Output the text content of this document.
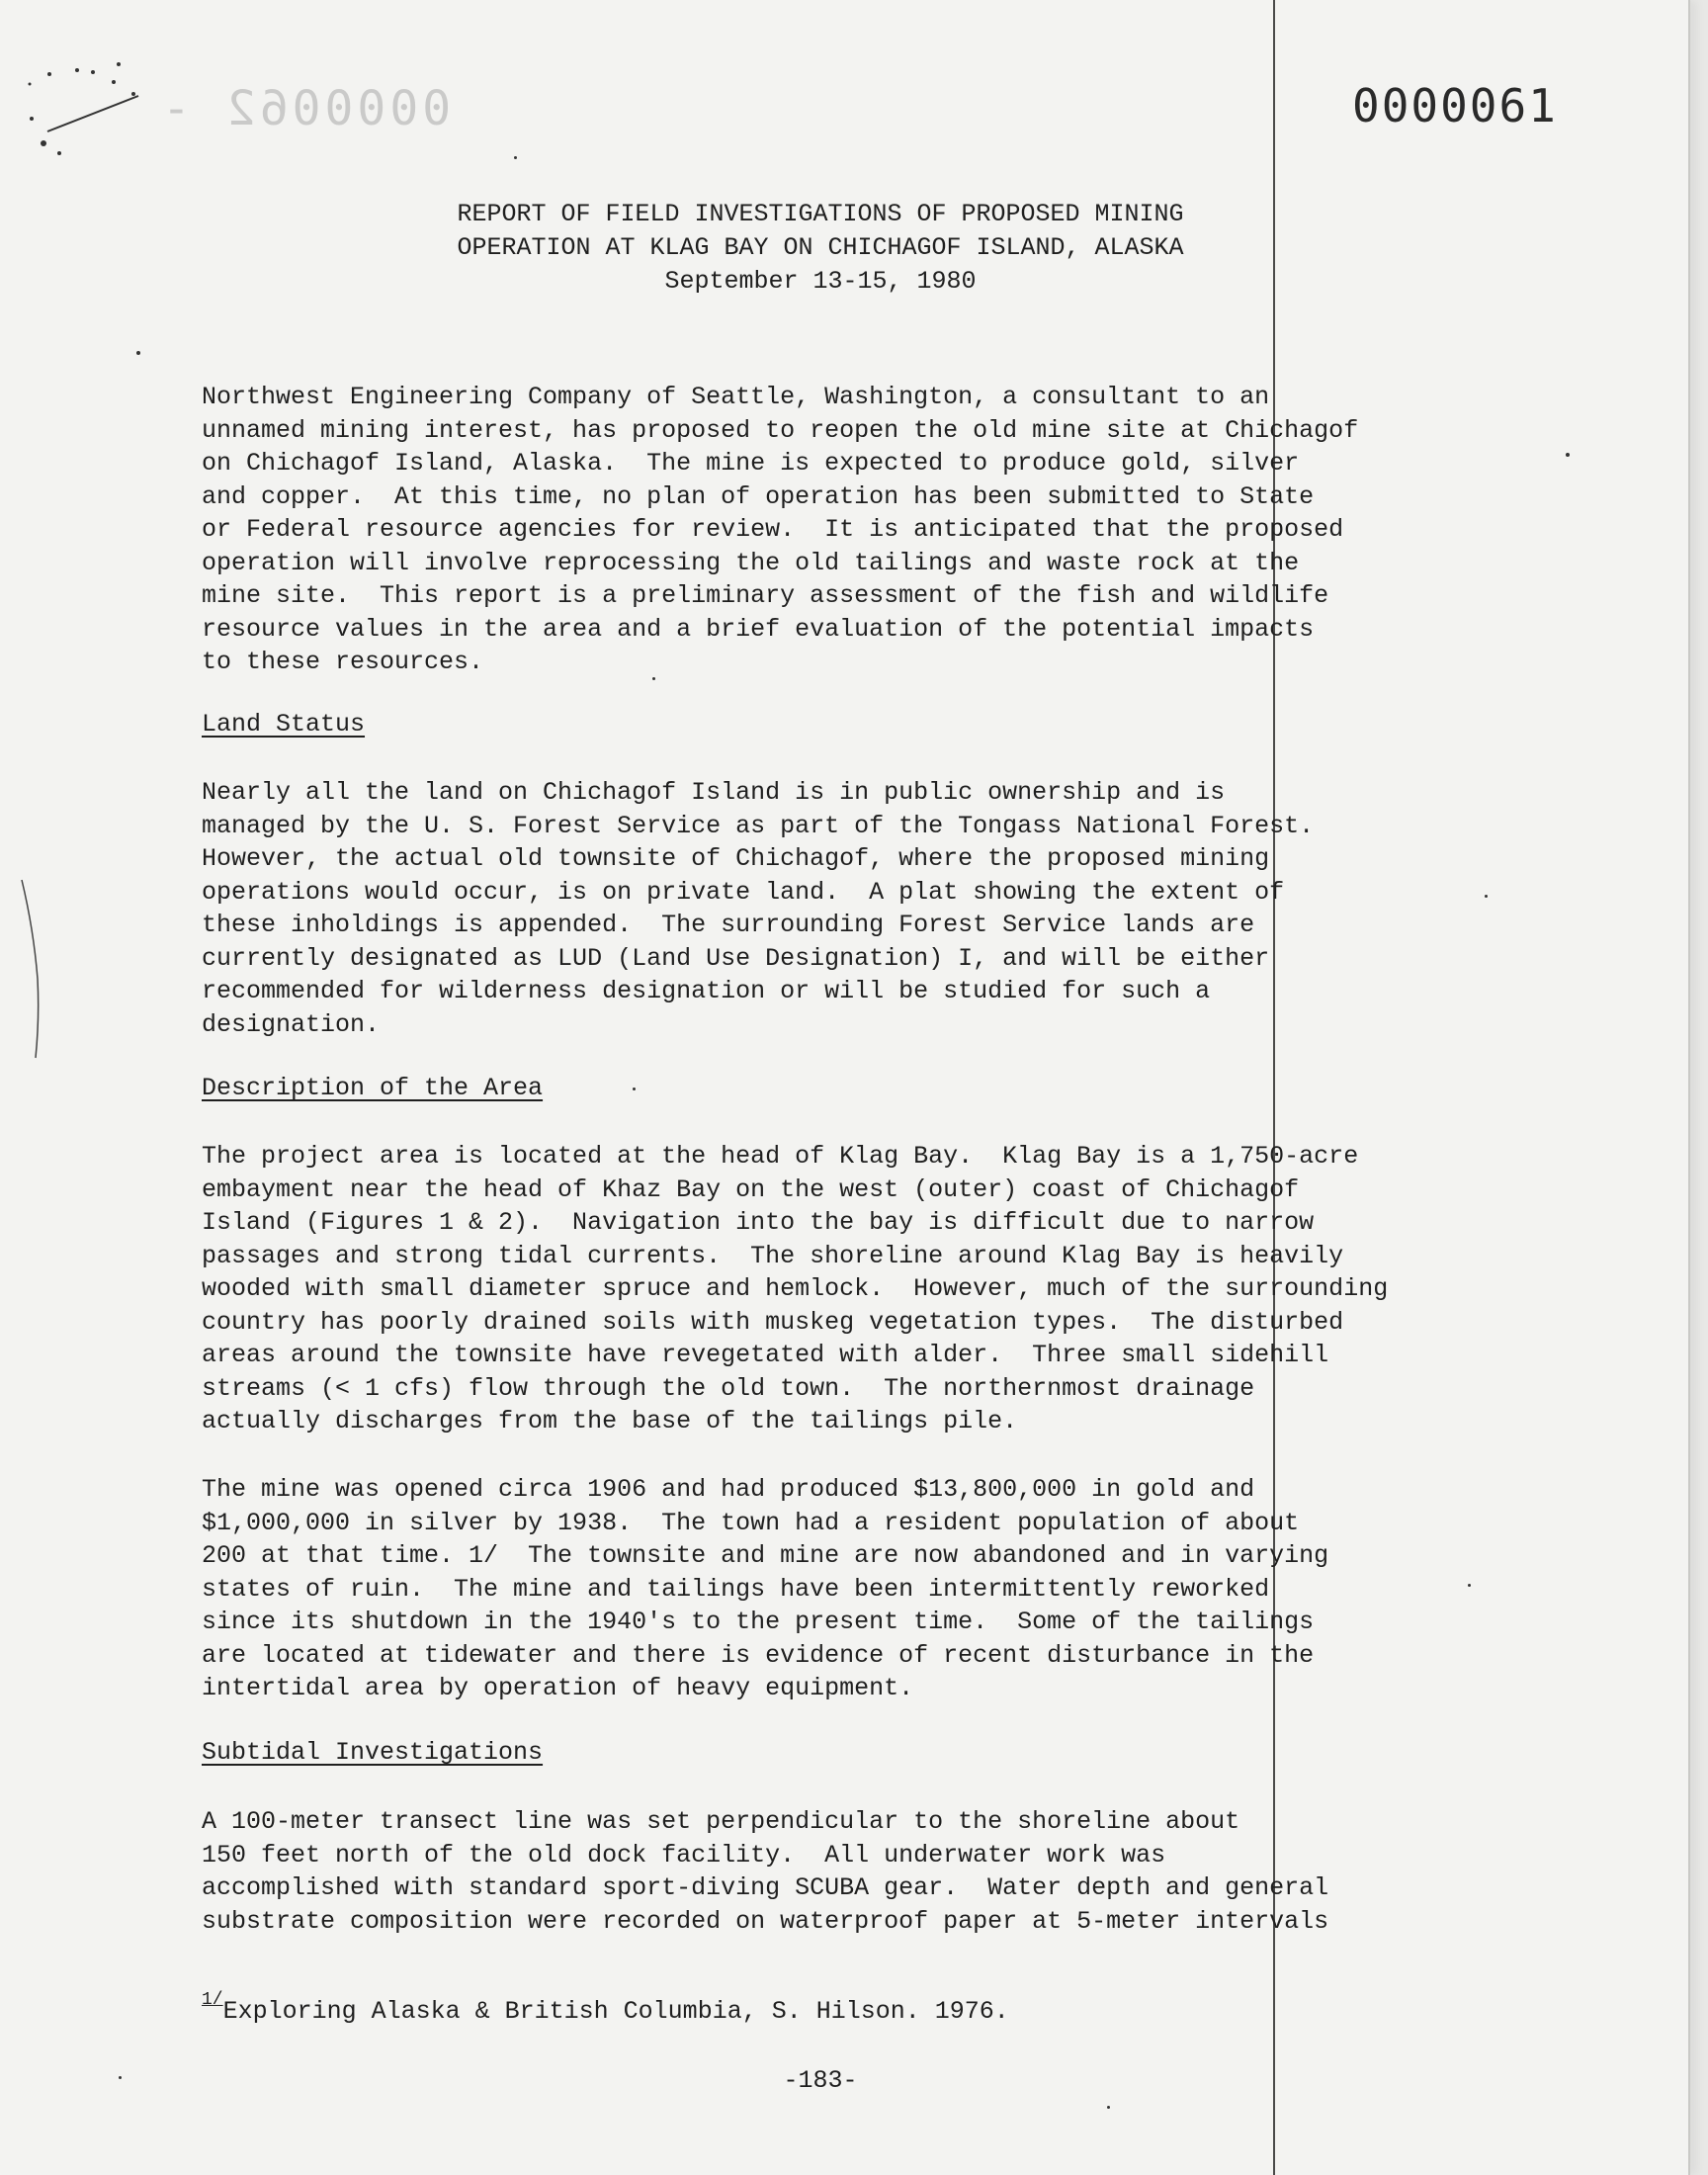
0000062 -	0000061
REPORT OF FIELD INVESTIGATIONS OF PROPOSED MINING
OPERATION AT KLAG BAY ON CHICHAGOF ISLAND, ALASKA
September 13-15, 1980
Northwest Engineering Company of Seattle, Washington, a consultant to an
unnamed mining interest, has proposed to reopen the old mine site at Chichagof
on Chichagof Island, Alaska.  The mine is expected to produce gold, silver
and copper.  At this time, no plan of operation has been submitted to State
or Federal resource agencies for review.  It is anticipated that the proposed
operation will involve reprocessing the old tailings and waste rock at the
mine site.  This report is a preliminary assessment of the fish and wildlife
resource values in the area and a brief evaluation of the potential impacts
to these resources.
Land Status
Nearly all the land on Chichagof Island is in public ownership and is
managed by the U. S. Forest Service as part of the Tongass National Forest.
However, the actual old townsite of Chichagof, where the proposed mining
operations would occur, is on private land.  A plat showing the extent of
these inholdings is appended.  The surrounding Forest Service lands are
currently designated as LUD (Land Use Designation) I, and will be either
recommended for wilderness designation or will be studied for such a
designation.
Description of the Area
The project area is located at the head of Klag Bay.  Klag Bay is a 1,750-acre
embayment near the head of Khaz Bay on the west (outer) coast of Chichagof
Island (Figures 1 & 2).  Navigation into the bay is difficult due to narrow
passages and strong tidal currents.  The shoreline around Klag Bay is heavily
wooded with small diameter spruce and hemlock.  However, much of the surrounding
country has poorly drained soils with muskeg vegetation types.  The disturbed
areas around the townsite have revegetated with alder.  Three small sidehill
streams (< 1 cfs) flow through the old town.  The northernmost drainage
actually discharges from the base of the tailings pile.
The mine was opened circa 1906 and had produced $13,800,000 in gold and
$1,000,000 in silver by 1938.  The town had a resident population of about
200 at that time. 1/  The townsite and mine are now abandoned and in varying
states of ruin.  The mine and tailings have been intermittently reworked
since its shutdown in the 1940's to the present time.  Some of the tailings
are located at tidewater and there is evidence of recent disturbance in the
intertidal area by operation of heavy equipment.
Subtidal Investigations
A 100-meter transect line was set perpendicular to the shoreline about
150 feet north of the old dock facility.  All underwater work was
accomplished with standard sport-diving SCUBA gear.  Water depth and general
substrate composition were recorded on waterproof paper at 5-meter intervals
$^{1/}$Exploring Alaska & British Columbia, S. Hilson. 1976.
-183-
